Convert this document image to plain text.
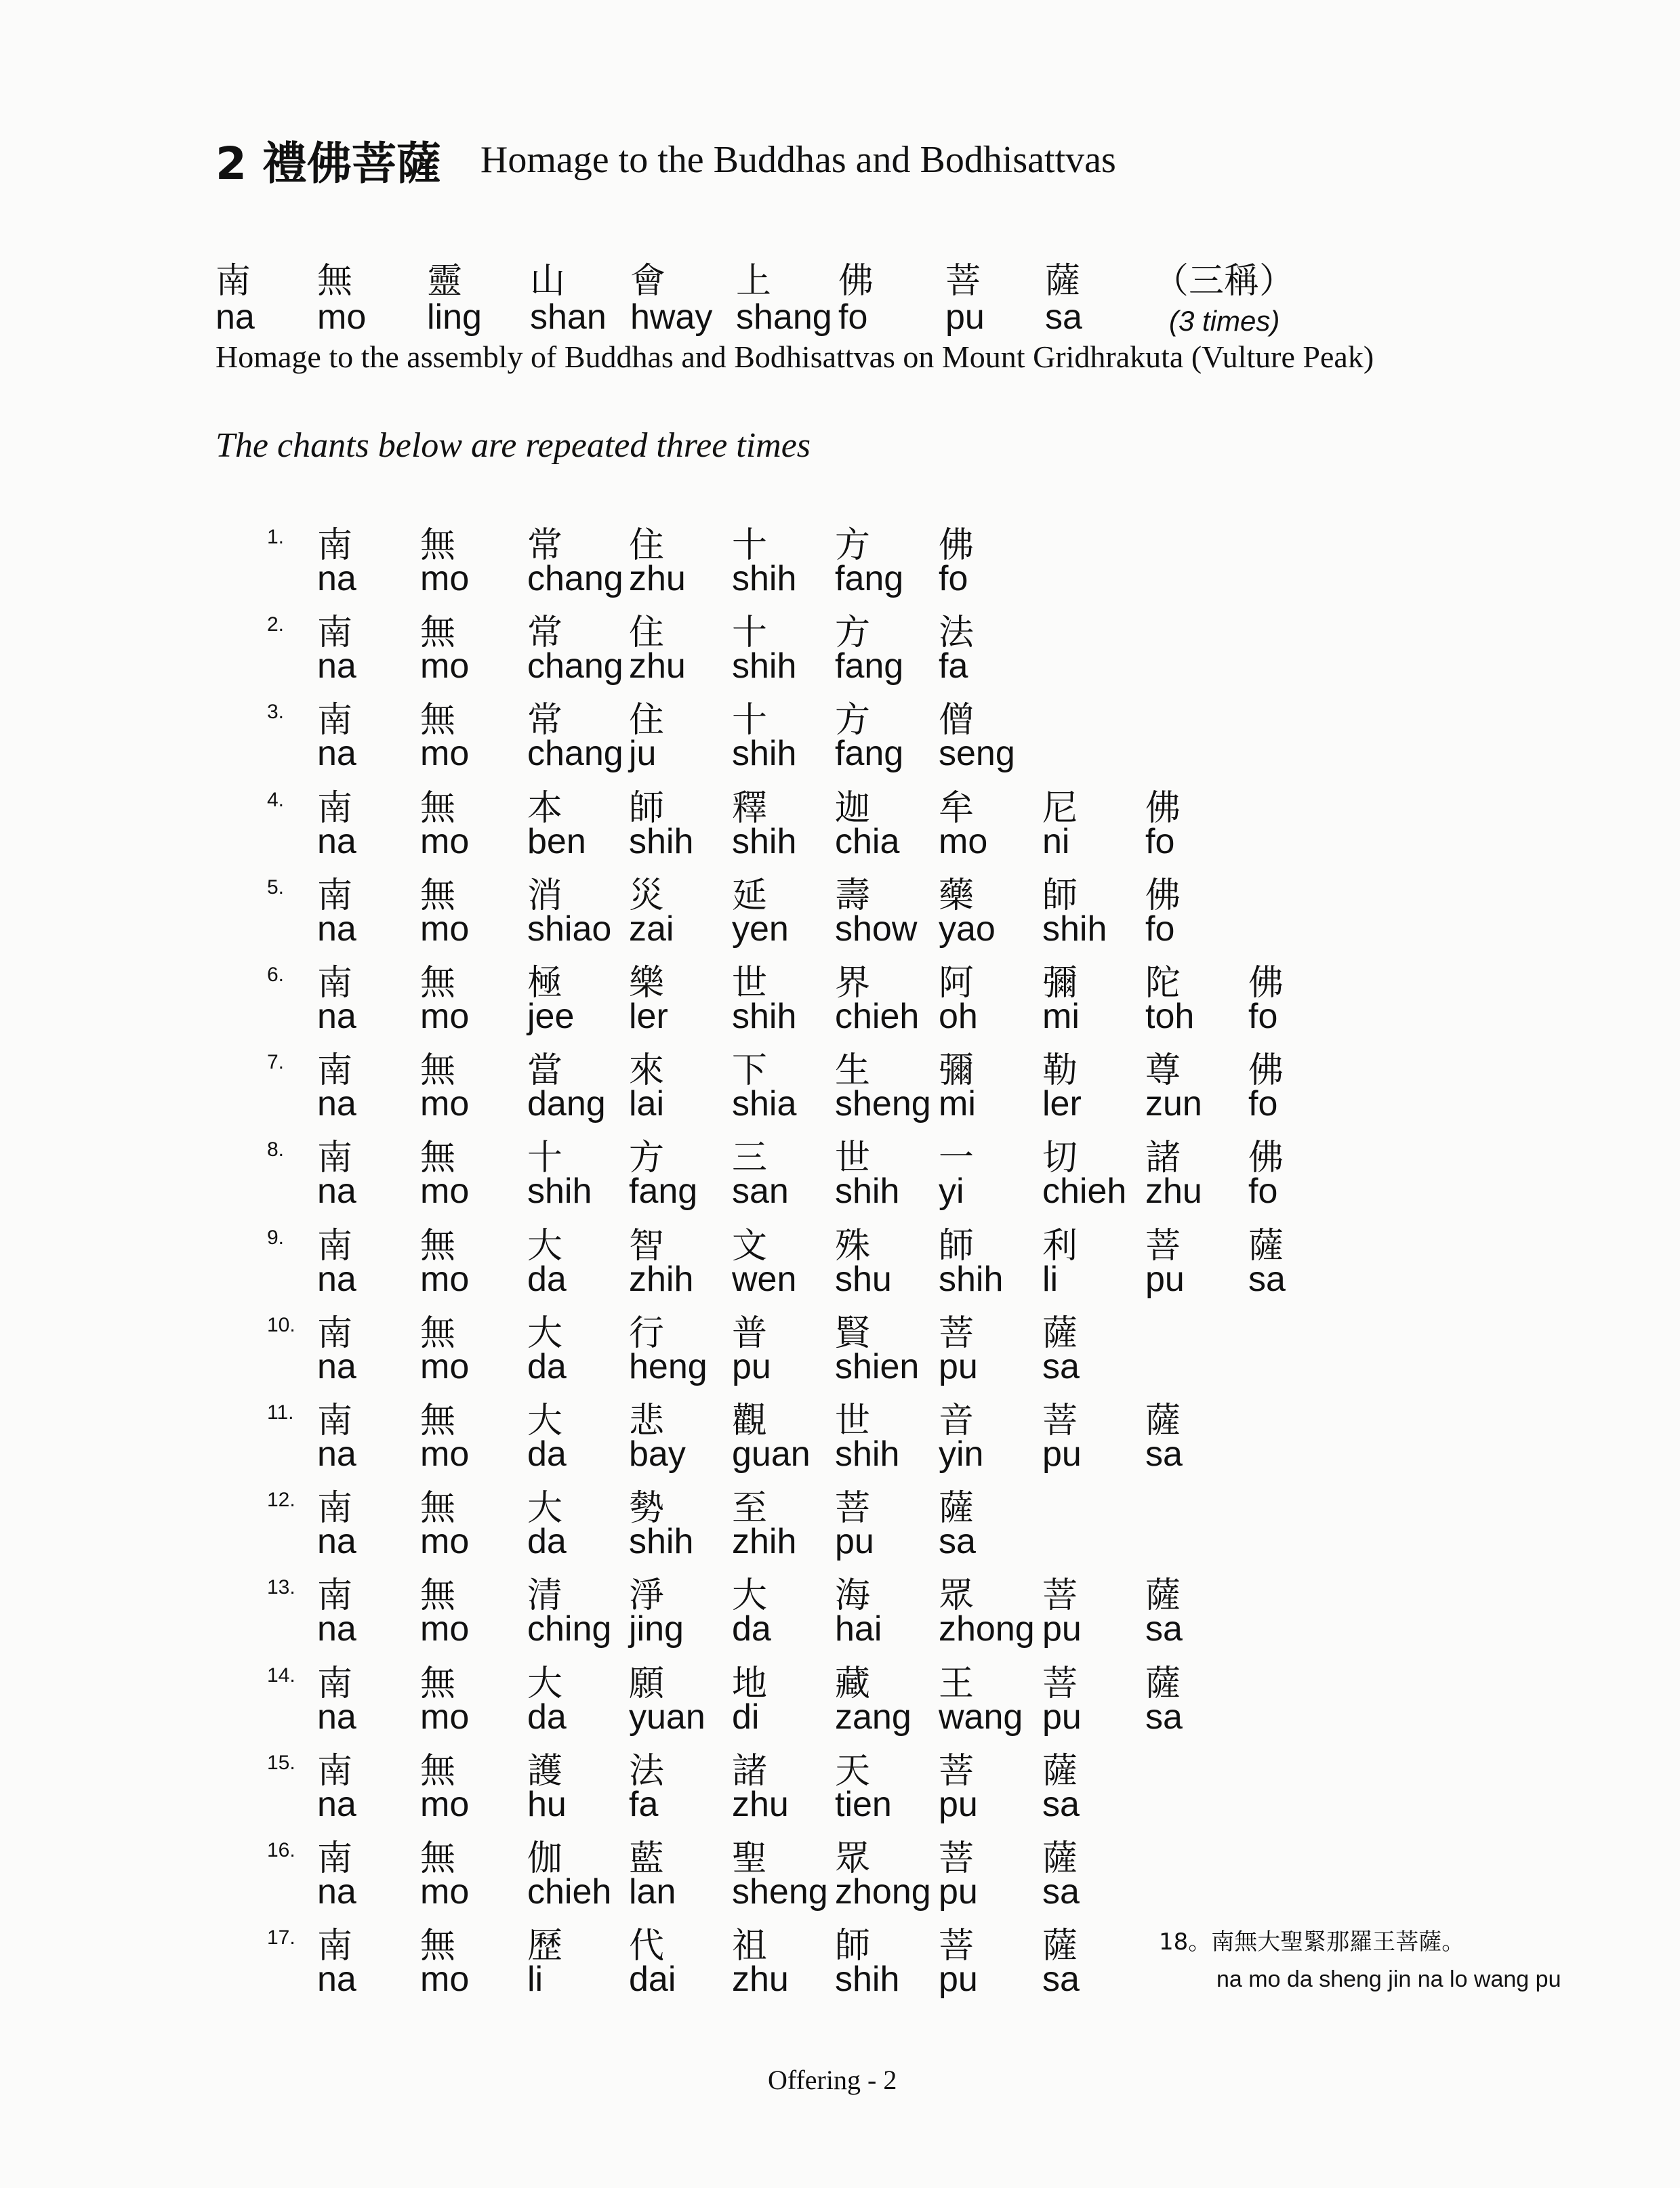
2 禮佛菩薩 Homage to the Buddhas and Bodhisattvas
（三稱）
(3 times)
Homage to the assembly of Buddhas and Bodhisattvas on Mount Gridhrakuta (Vulture Peak)
南 無 靈 山 會 上 佛 菩 薩
na mo ling shan hway shang fo pu sa
The chants below are repeated three times
1. 南 無 常 住 十 方 佛
na mo chang zhu shih fang fo
2. 南 無 常 住 十 方 法
na mo chang zhu shih fang fa
3. 南 無 常 住 十 方 僧
na mo chang ju shih fang seng
4. 南 無 本 師 釋 迦 牟 尼 佛
na mo ben shih shih chia mo ni fo
5. 南 無 消 災 延 壽 藥 師 佛
na mo shiao zai yen show yao shih fo
6. 南 無 極 樂 世 界 阿 彌 陀 佛
na mo jee ler shih chieh oh mi toh fo
7. 南 無 當 來 下 生 彌 勒 尊 佛
na mo dang lai shia sheng mi ler zun fo
8. 南 無 十 方 三 世 一 切 諸 佛
na mo shih fang san shih yi chieh zhu fo
9. 南 無 大 智 文 殊 師 利 菩 薩
na mo da zhih wen shu shih li pu sa
10. 南 無 大 行 普 賢 菩 薩
na mo da heng pu shien pu sa
11. 南 無 大 悲 觀 世 音 菩 薩
na mo da bay guan shih yin pu sa
12. 南 無 大 勢 至 菩 薩
na mo da shih zhih pu sa
13. 南 無 清 淨 大 海 眾 菩 薩
na mo ching jing da hai zhong pu sa
14. 南 無 大 願 地 藏 王 菩 薩
na mo da yuan di zang wang pu sa
15. 南 無 護 法 諸 天 菩 薩
na mo hu fa zhu tien pu sa
16. 南 無 伽 藍 聖 眾 菩 薩
na mo chieh lan sheng zhong pu sa
17. 南 無 歷 代 祖 師 菩 薩
na mo li dai zhu shih pu sa
18。南無大聖緊那羅王菩薩。
na mo da sheng jin na lo wang pu
Offering - 2
